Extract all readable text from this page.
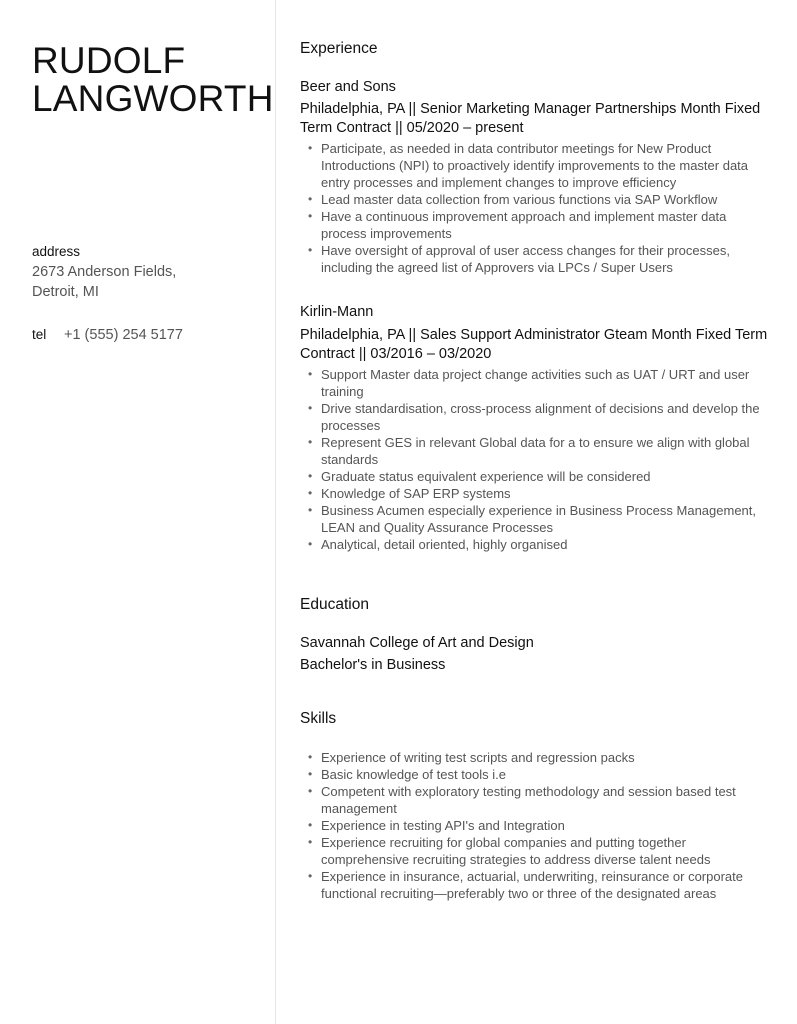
RUDOLF
LANGWORTH
address
2673 Anderson Fields,
Detroit, MI
tel	+1 (555) 254 5177
Experience
Beer and Sons
Philadelphia, PA || Senior Marketing Manager Partnerships Month Fixed
Term Contract || 05/2020 – present
• Participate, as needed in data contributor meetings for New Product Introductions (NPI) to proactively identify improvements to the master data entry processes and implement changes to improve efficiency
• Lead master data collection from various functions via SAP Workflow
• Have a continuous improvement approach and implement master data process improvements
• Have oversight of approval of user access changes for their processes, including the agreed list of Approvers via LPCs / Super Users
Kirlin-Mann
Philadelphia, PA || Sales Support Administrator Gteam Month Fixed Term
Contract || 03/2016 – 03/2020
• Support Master data project change activities such as UAT / URT and user training
• Drive standardisation, cross-process alignment of decisions and develop the processes
• Represent GES in relevant Global data for a to ensure we align with global standards
• Graduate status equivalent experience will be considered
• Knowledge of SAP ERP systems
• Business Acumen especially experience in Business Process Management, LEAN and Quality Assurance Processes
• Analytical, detail oriented, highly organised
Education
Savannah College of Art and Design
Bachelor's in Business
Skills
• Experience of writing test scripts and regression packs
• Basic knowledge of test tools i.e
• Competent with exploratory testing methodology and session based test management
• Experience in testing API's and Integration
• Experience recruiting for global companies and putting together comprehensive recruiting strategies to address diverse talent needs
• Experience in insurance, actuarial, underwriting, reinsurance or corporate functional recruiting—preferably two or three of the designated areas
